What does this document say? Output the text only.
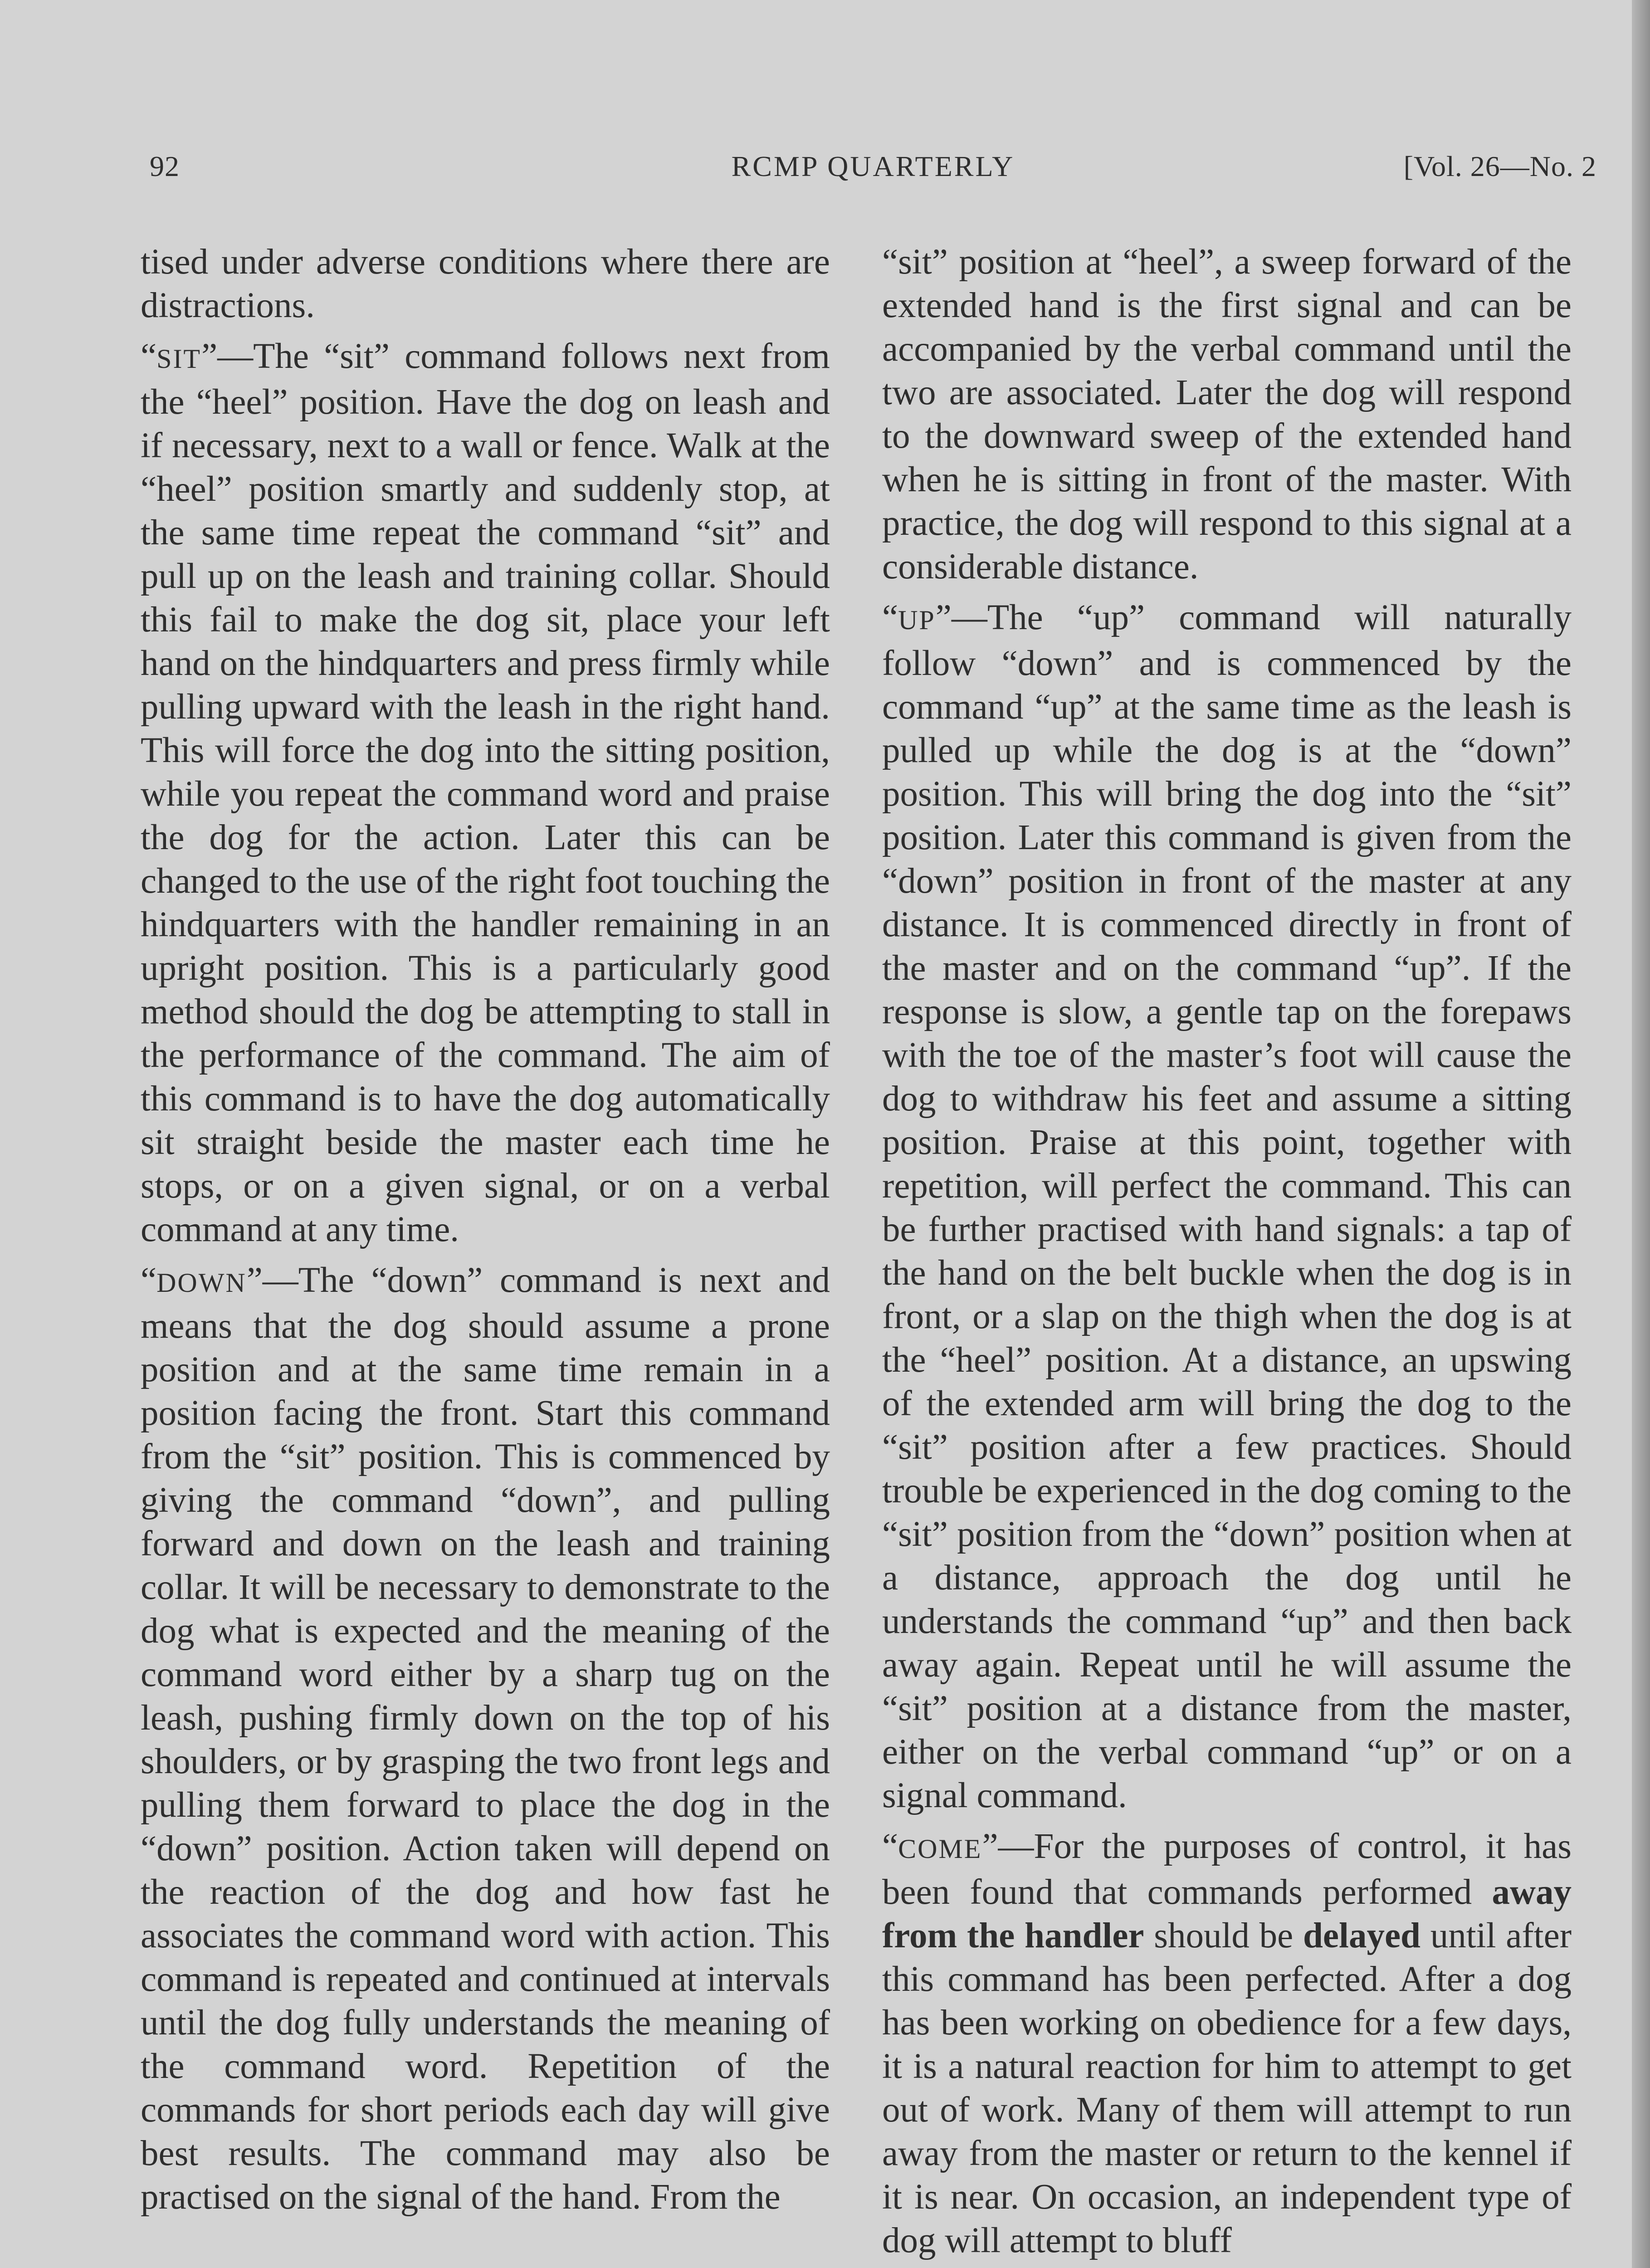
92	RCMP QUARTERLY	[Vol. 26—No. 2

tised under adverse conditions where there are distractions.

“SIT”—The “sit” command follows next from the “heel” position. Have the dog on leash and if necessary, next to a wall or fence. Walk at the “heel” position smartly and suddenly stop, at the same time repeat the command “sit” and pull up on the leash and training collar. Should this fail to make the dog sit, place your left hand on the hindquarters and press firmly while pulling upward with the leash in the right hand. This will force the dog into the sitting position, while you repeat the command word and praise the dog for the action. Later this can be changed to the use of the right foot touching the hindquarters with the handler remaining in an upright position. This is a particularly good method should the dog be attempting to stall in the performance of the command. The aim of this command is to have the dog automatically sit straight beside the master each time he stops, or on a given signal, or on a verbal command at any time.

“DOWN”—The “down” command is next and means that the dog should assume a prone position and at the same time remain in a position facing the front. Start this command from the “sit” position. This is commenced by giving the command “down”, and pulling forward and down on the leash and training collar. It will be necessary to demonstrate to the dog what is expected and the meaning of the command word either by a sharp tug on the leash, pushing firmly down on the top of his shoulders, or by grasping the two front legs and pulling them forward to place the dog in the “down” position. Action taken will depend on the reaction of the dog and how fast he associates the command word with action. This command is repeated and continued at intervals until the dog fully understands the meaning of the command word. Repetition of the commands for short periods each day will give best results. The command may also be practised on the signal of the hand. From the

“sit” position at “heel”, a sweep forward of the extended hand is the first signal and can be accompanied by the verbal command until the two are associated. Later the dog will respond to the downward sweep of the extended hand when he is sitting in front of the master. With practice, the dog will respond to this signal at a considerable distance.

“UP”—The “up” command will naturally follow “down” and is commenced by the command “up” at the same time as the leash is pulled up while the dog is at the “down” position. This will bring the dog into the “sit” position. Later this command is given from the “down” position in front of the master at any distance. It is commenced directly in front of the master and on the command “up”. If the response is slow, a gentle tap on the forepaws with the toe of the master’s foot will cause the dog to withdraw his feet and assume a sitting position. Praise at this point, together with repetition, will perfect the command. This can be further practised with hand signals: a tap of the hand on the belt buckle when the dog is in front, or a slap on the thigh when the dog is at the “heel” position. At a distance, an upswing of the extended arm will bring the dog to the “sit” position after a few practices. Should trouble be experienced in the dog coming to the “sit” position from the “down” position when at a distance, approach the dog until he understands the command “up” and then back away again. Repeat until he will assume the “sit” position at a distance from the master, either on the verbal command “up” or on a signal command.

“COME”—For the purposes of control, it has been found that commands performed away from the handler should be delayed until after this command has been perfected. After a dog has been working on obedience for a few days, it is a natural reaction for him to attempt to get out of work. Many of them will attempt to run away from the master or return to the kennel if it is near. On occasion, an independent type of dog will attempt to bluff
